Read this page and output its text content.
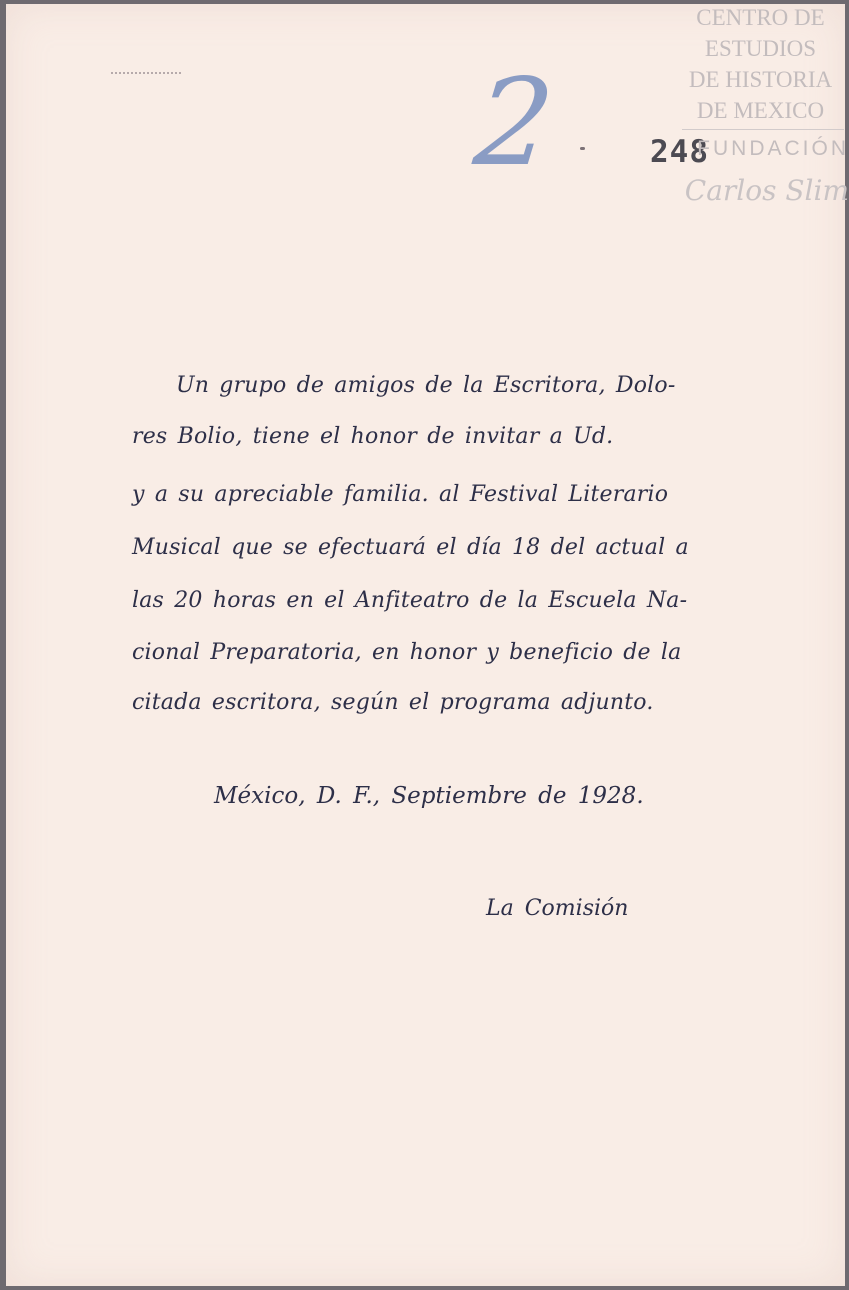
2	248
CENTRO DE
ESTUDIOS
DE HISTORIA
DE MEXICO
FUNDACIÓN
Carlos Slim
Un grupo de amigos de la Escritora, Dolo-
res Bolio, tiene el honor de invitar a Ud.
y a su apreciable familia. al Festival Literario
Musical que se efectuará el día 18 del actual a
las 20 horas en el Anfiteatro de la Escuela Na-
cional Preparatoria, en honor y beneficio de la
citada escritora, según el programa adjunto.
México, D. F., Septiembre de 1928.
La Comisión
